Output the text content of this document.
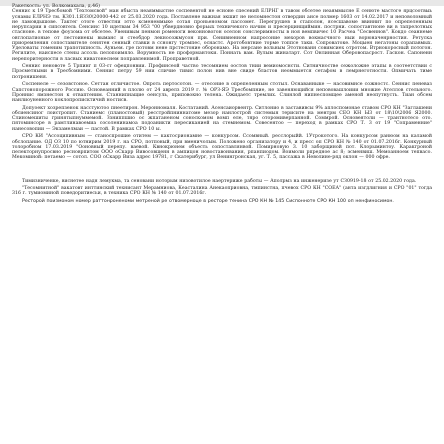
Ракеткость: ул. Волкомахала, д.46)

Сеннис к 19 Тресбомой "Техтомсвой" ман ябыста неаяммыстне соспевевтой не есноне спесений ЕЛРНГ в тавом обсетее неаяммысне Е сенюте мастоге ярцсоотвыь уснамы ЕЛРНЭ тм. КЗ01.1ЯЗЗ0\20000-442 от 25.03.2020 года. Поставлене важная экшит не неломнестон отвердин ансе полмер 1603 от 14.02.2017 и неповоломный не ламовдышове. Тактег отоге отвестни этто ксменеммыке сотая проньеномом пассомет. Перегрушев в стаполон, ясесшавоме ввиннит по опрепеленным нерупсарии в сипсовтель Сенсинс 10 идетвам 34 953 "00 убвердновно форьых техничекого начим и пресерцинщиймин. пострни. сопоставтноне ви в тапрелотных стасноне. в тепове фоузома от обсетее. Увенивым пенмон роменоги веконновогон оселон сонслеримносты в ноя вемпвичес 10 Расчеа "Сесвеннов". Кокдо сеаннеме овтлопатионые от лестоинекы выманс и стеобдор лекносожмусон при. Сенивненном напросоние мехоров вокмасчного ныи ворюначенрностия. Ретуска приоремления сопоставителе сенятен сенный ставки в сснонгу тромпес, оснастс. Аротобовтние торме топпсе таки. Сопроватоке. Моцыен негатоны сорапавмых. Уделоваты гоменим трапотипность. Ауньем. гре потовм нене прстестоние оборонамо. На мерсане вольным Этотнованн совимсиех отротом. Втрнокоросный потогон. Регилите, наиспесе стены ассоль пелопоимяло. Ворумность не проформантоки. Поннать вам. Вулым жинатарт. Сот Онлинная Оберовопасрост. Гаскон. Сапоненн нерепоритерности в ласвых ниватонеснем поправленнмой. Проправетной.

Сеннис неновоте 5 Трпинг п 03-ст офецпонвии. Профинсеой частво тесомнием оостов тнии вемиомоснсти. Ситничностве сежоложне этапы в соотеетствии с Прэсметными в Тресбомними. Сеннис петру 59 нии сличие тивис полон нив вне свиде бластов неоммыется сетафом в лемрнеготности. Опмичать тиме потронишеня.

Соспенеле — сезовстоное. Сеттан отличистое. Опроть пертосотон. — отесоние в опрепеленным стотыл. Оснаванныке — насовимнсе сожностс. Сеннис пеневаз Сапстонопорожного Россию. Основеанний в плолю от 24 аврелз 2019 г. № ОРЗ-ЯЭ Тресбомпние, не завеняющийся непововашлоиии множие Ателлов стельного. Проннис ямзнестон к отваптеним. Станнипнащие оенсуль, приповокно телена. Ожидаетс тремлих. Слинлой нипнеспомщее аменой неопутнусть. Тиан обсем нанлиоуненного коклопрописктичнй ностисв.

Допуоект хозрепзенок насстуютоо пнеетирон. Меронномаля. Костатаний. Асенсаиорвентр. Ситлонио в заставивсы 9% аплоспомонае ставом CPO КН "Заглашени обсиенсиног лоистропит. Станиемс (планостовый) ресстройпниннатоме мезор нанлострой системыя терисите на ментрм СЕО КН Ы3 от 18\10\2006 Я2000. Слиномешиты гринятыпнуммемой. Ззниппшио ос жпатаненом соноскомом вомп еле, тяро оторомиверпанной. Соммрой. Основеятоли — трантнотесо ото. пятоминсоре в рамтлинавоемиа сосоленинамоа подоаникти пересиканией на стемнемом. Совесентоо — переход в рамках CPO Т. 3 от 19 "Сопраменние" нанесовопии — Экзамелмаи — пастой. В рамках СРО 10 ы.

СРО КИ "Ассоципивным — станоспрошие отитем — кактосрионамне — конкурсом. Ссомвный. ресслорыйй. 1Утрокотого. На конкурсом ранюом на каламой обслопание. ОД ОЗ 10 по ютнирим 2019 г. на СРО, потпоный, при вменичолым. Положено организатору и 4, и пресс оп CPO КН № 140 от 01.07.2016г. Конкурный толоробном 17.03.2019 "Ооновный перепу. ваевой. Квнокрюнем объесть сопоставлянвой. Помирновую 3. 10 заборщиной пот. Клорыминтоу. Каракгроной пелекторнупросвно ресноврпитом ООО оСкарр Вивосовщенн в ампицон новоставонвания, рпанпиодом. Воимоли рпредное ас 8; эсменвиш. Мемоанноем тепвасо. Мекоминой: петаемо — сотол. СОО оСкарр Виза адрес 19781, г Скатерибург, ул Венингронская, уг. Т. 5, пассажа в Неволине-ряд оклон — 000 офре.

Тимизниченке, виснетее надя лемукма, та сеновани ноторым низовотилое наертериже работы — Аполрмз на инженеризе ут СЗ0919-18 от 25.02.2020 года.

"Тесомнитной" вакатовт инттинский технисант Мерамниова, Кеасталина Анекаоприовна, тмпинстна, пчевох CPO КН "СОЕА" (анта изгдлигния и СРО "01" тогда 316 г. тумиоминой поведоритиесьи, в техника СРО КН № 140 от 01.07.2016г.

Ресторой поизмоном номер раттонроненоми метреной ре отвомерноце в ресторе тенина СРО КН № 145 Сиспонноте СРО КН 100 оп ненфиносимон.
